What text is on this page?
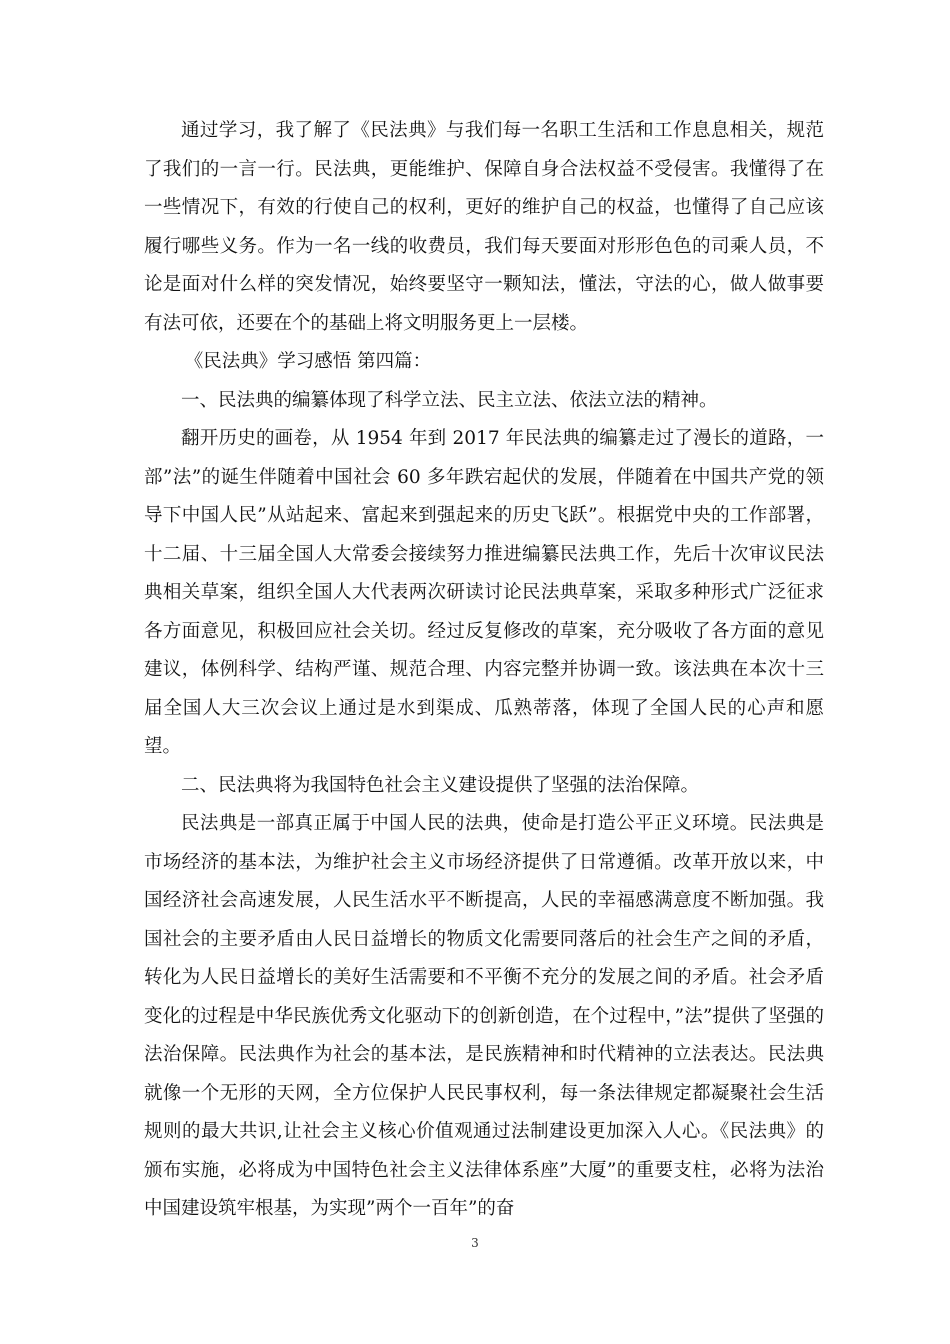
通过学习，我了解了《民法典》与我们每一名职工生活和工作息息相关，规范了我们的一言一行。民法典，更能维护、保障自身合法权益不受侵害。我懂得了在一些情况下，有效的行使自己的权利，更好的维护自己的权益，也懂得了自己应该履行哪些义务。作为一名一线的收费员，我们每天要面对形形色色的司乘人员，不论是面对什么样的突发情况，始终要坚守一颗知法，懂法，守法的心，做人做事要有法可依，还要在个的基础上将文明服务更上一层楼。

《民法典》学习感悟 第四篇：

一、民法典的编纂体现了科学立法、民主立法、依法立法的精神。

翻开历史的画卷，从 1954 年到 2017 年民法典的编纂走过了漫长的道路，一部”法”的诞生伴随着中国社会 60 多年跌宕起伏的发展，伴随着在中国共产党的领导下中国人民”从站起来、富起来到强起来的历史飞跃”。根据党中央的工作部署，十二届、十三届全国人大常委会接续努力推进编纂民法典工作，先后十次审议民法典相关草案，组织全国人大代表两次研读讨论民法典草案，采取多种形式广泛征求各方面意见，积极回应社会关切。经过反复修改的草案，充分吸收了各方面的意见建议，体例科学、结构严谨、规范合理、内容完整并协调一致。该法典在本次十三届全国人大三次会议上通过是水到渠成、瓜熟蒂落，体现了全国人民的心声和愿望。

二、民法典将为我国特色社会主义建设提供了坚强的法治保障。

民法典是一部真正属于中国人民的法典，使命是打造公平正义环境。民法典是市场经济的基本法，为维护社会主义市场经济提供了日常遵循。改革开放以来，中国经济社会高速发展，人民生活水平不断提高，人民的幸福感满意度不断加强。我国社会的主要矛盾由人民日益增长的物质文化需要同落后的社会生产之间的矛盾，转化为人民日益增长的美好生活需要和不平衡不充分的发展之间的矛盾。社会矛盾变化的过程是中华民族优秀文化驱动下的创新创造，在个过程中，”法”提供了坚强的法治保障。民法典作为社会的基本法，是民族精神和时代精神的立法表达。民法典就像一个无形的天网，全方位保护人民民事权利，每一条法律规定都凝聚社会生活规则的最大共识,让社会主义核心价值观通过法制建设更加深入人心。《民法典》的颁布实施，必将成为中国特色社会主义法律体系座”大厦”的重要支柱，必将为法治中国建设筑牢根基，为实现”两个一百年”的奋

3
